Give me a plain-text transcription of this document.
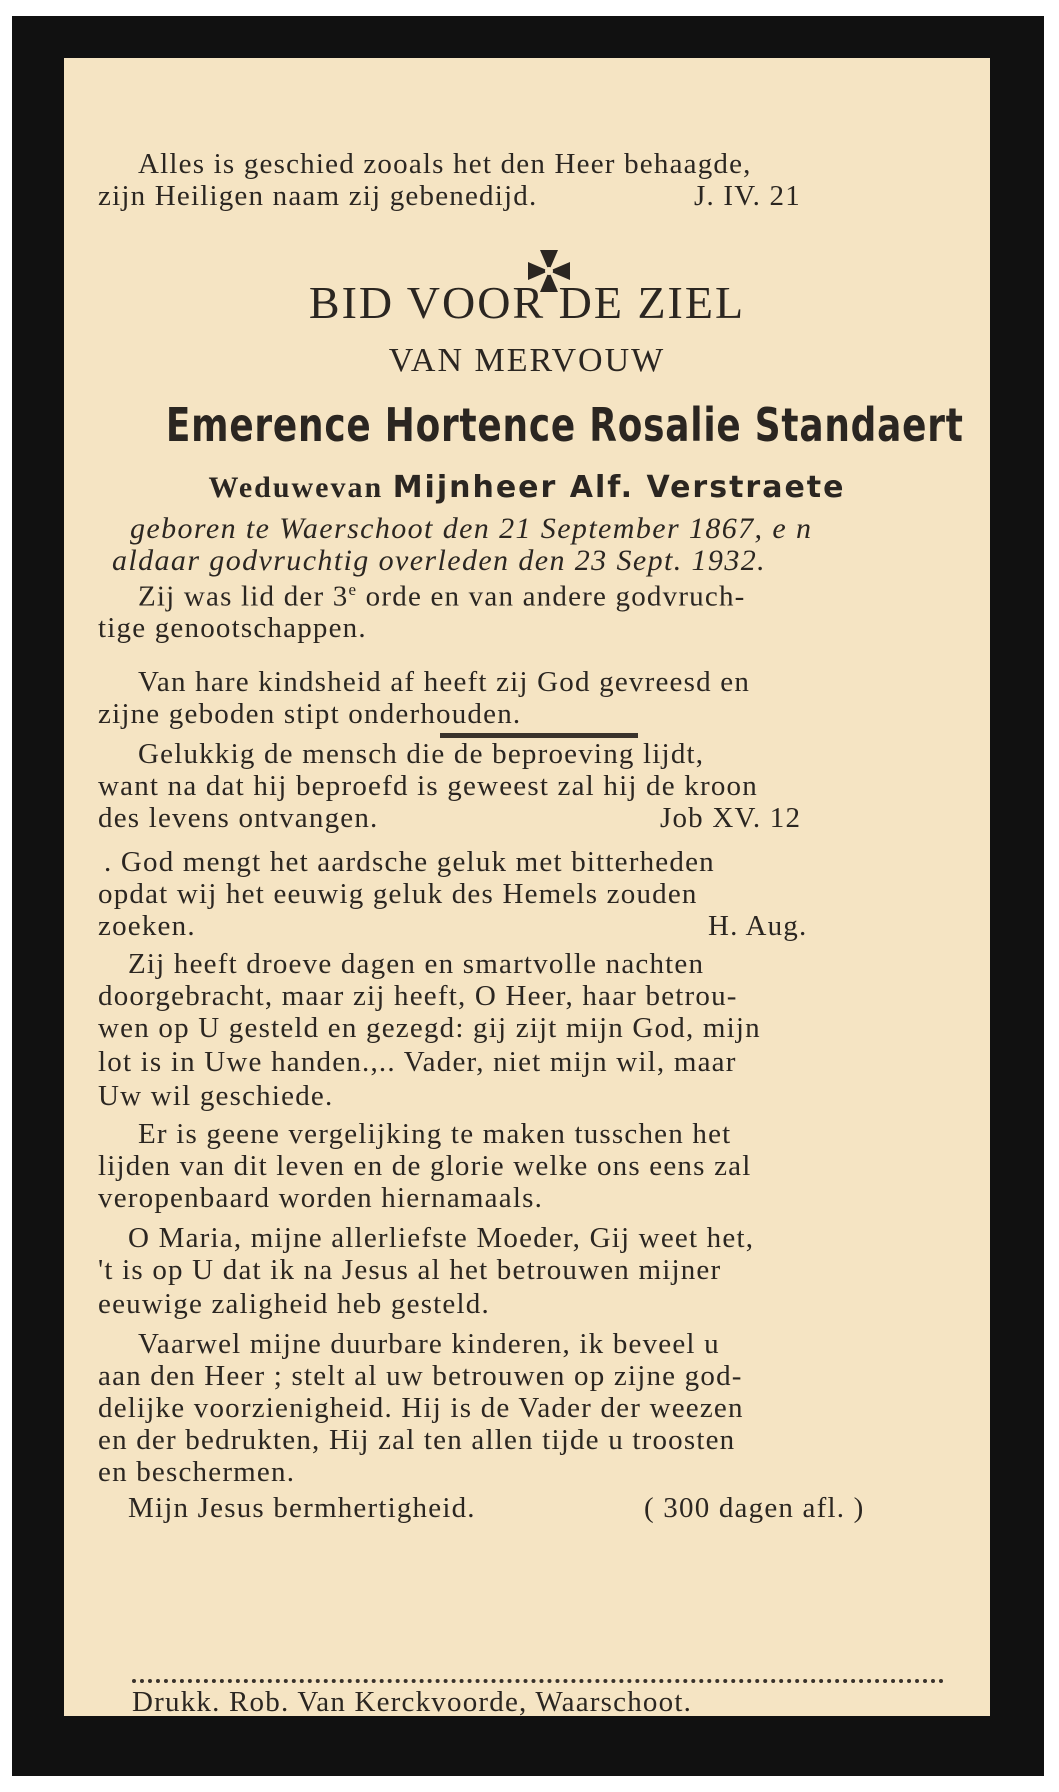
Alles is geschied zooals het den Heer behaagde,
zijn Heiligen naam zij gebenedijd.	J. IV. 21
BID VOOR DE ZIEL
VAN MERVOUW
Emerence Hortence Rosalie Standaert
Weduwevan Mijnheer Alf. Verstraete
geboren te Waerschoot den 21 September 1867, e n
aldaar godvruchtig overleden den 23 Sept. 1932.
Zij was lid der 3e orde en van andere godvruch-
tige genootschappen.
Van hare kindsheid af heeft zij God gevreesd en
zijne geboden stipt onderhouden.
Gelukkig de mensch die de beproeving lijdt,
want na dat hij beproefd is geweest zal hij de kroon
des levens ontvangen.	Job XV. 12
. God mengt het aardsche geluk met bitterheden
opdat wij het eeuwig geluk des Hemels zouden
zoeken.	H. Aug.
Zij heeft droeve dagen en smartvolle nachten
doorgebracht, maar zij heeft, O Heer, haar betrou-
wen op U gesteld en gezegd: gij zijt mijn God, mijn
lot is in Uwe handen.,.. Vader, niet mijn wil, maar
Uw wil geschiede.
Er is geene vergelijking te maken tusschen het
lijden van dit leven en de glorie welke ons eens zal
veropenbaard worden hiernamaals.
O Maria, mijne allerliefste Moeder, Gij weet het,
't is op U dat ik na Jesus al het betrouwen mijner
eeuwige zaligheid heb gesteld.
Vaarwel mijne duurbare kinderen, ik beveel u
aan den Heer ; stelt al uw betrouwen op zijne god-
delijke voorzienigheid. Hij is de Vader der weezen
en der bedrukten, Hij zal ten allen tijde u troosten
en beschermen.
Mijn Jesus bermhertigheid.	( 300 dagen afl. )
Drukk. Rob. Van Kerckvoorde, Waarschoot.
